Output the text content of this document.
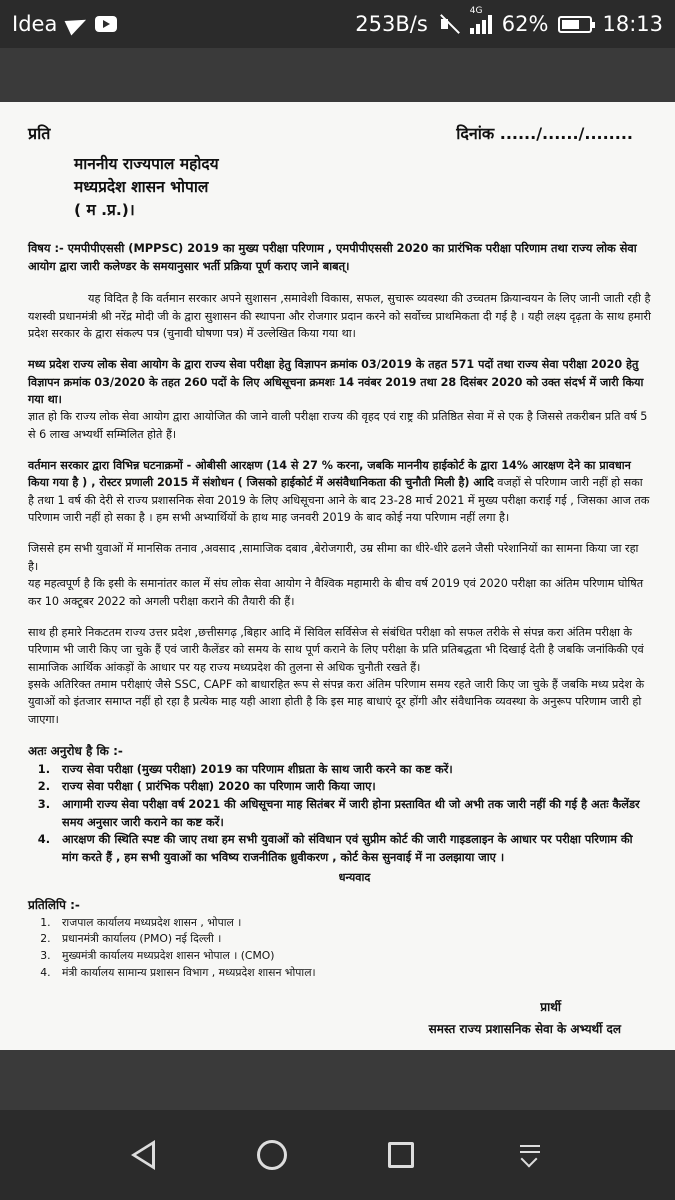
Idea	253B/s
4G
62%	18:13
प्रति	दिनांक ....../....../........
माननीय राज्यपाल महोदय
मध्यप्रदेश शासन भोपाल
( म .प्र.)।
विषय :- एमपीपीएससी (MPPSC) 2019 का मुख्य परीक्षा परिणाम , एमपीपीएससी 2020 का प्रारंभिक परीक्षा परिणाम तथा राज्य लोक सेवा आयोग द्वारा जारी कलेण्डर के समयानुसार भर्ती प्रक्रिया पूर्ण कराए जाने बाबत्।

यह विदित है कि वर्तमान सरकार अपने सुशासन ,समावेशी विकास, सफल, सुचारू व्यवस्था की उच्चतम क्रियान्वयन के लिए जानी जाती रही है यशस्वी प्रधानमंत्री श्री नरेंद्र मोदी जी के द्वारा सुशासन की स्थापना और रोजगार प्रदान करने को सर्वोच्च प्राथमिकता दी गई है । यही लक्ष्य दृढ़ता के साथ हमारी प्रदेश सरकार के द्वारा संकल्प पत्र (चुनावी घोषणा पत्र) में उल्लेखित किया गया था।

मध्य प्रदेश राज्य लोक सेवा आयोग के द्वारा राज्य सेवा परीक्षा हेतु विज्ञापन क्रमांक 03/2019 के तहत 571 पदों तथा राज्य सेवा परीक्षा 2020 हेतु विज्ञापन क्रमांक 03/2020 के तहत 260 पदों के लिए अधिसूचना क्रमशः 14 नवंबर 2019 तथा 28 दिसंबर 2020 को उक्त संदर्भ में जारी किया गया था।
ज्ञात हो कि राज्य लोक सेवा आयोग द्वारा आयोजित की जाने वाली परीक्षा राज्य की वृहद एवं राष्ट्र की प्रतिष्ठित सेवा में से एक है जिससे तकरीबन प्रति वर्ष 5 से 6 लाख अभ्यर्थी सम्मिलित होते हैं।

वर्तमान सरकार द्वारा विभिन्न घटनाक्रमों - ओबीसी आरक्षण (14 से 27 % करना, जबकि माननीय हाईकोर्ट के द्वारा 14% आरक्षण देने का प्रावधान किया गया है ) , रोस्टर प्रणाली 2015 में संशोधन ( जिसको हाईकोर्ट में असंवैधानिकता की चुनौती मिली है) आदि वजहों से परिणाम जारी नहीं हो सका है तथा 1 वर्ष की देरी से राज्य प्रशासनिक सेवा 2019 के लिए अधिसूचना आने के बाद 23-28 मार्च 2021 में मुख्य परीक्षा कराई गई , जिसका आज तक परिणाम जारी नहीं हो सका है । हम सभी अभ्यार्थियों के हाथ माह जनवरी 2019 के बाद कोई नया परिणाम नहीं लगा है।

जिससे हम सभी युवाओं में मानसिक तनाव ,अवसाद ,सामाजिक दबाव ,बेरोजगारी, उम्र सीमा का धीरे-धीरे ढलने जैसी परेशानियों का सामना किया जा रहा है।
यह महत्वपूर्ण है कि इसी के समानांतर काल में संघ लोक सेवा आयोग ने वैश्विक महामारी के बीच वर्ष 2019 एवं 2020 परीक्षा का अंतिम परिणाम घोषित कर 10 अक्टूबर 2022 को अगली परीक्षा कराने की तैयारी की हैं।

साथ ही हमारे निकटतम राज्य उत्तर प्रदेश ,छत्तीसगढ़ ,बिहार आदि में सिविल सर्विसेज से संबंधित परीक्षा को सफल तरीके से संपन्न करा अंतिम परीक्षा के परिणाम भी जारी किए जा चुके हैं एवं जारी कैलेंडर को समय के साथ पूर्ण कराने के लिए परीक्षा के प्रति प्रतिबद्धता भी दिखाई देती है जबकि जनांकिकी एवं सामाजिक आर्थिक आंकड़ों के आधार पर यह राज्य मध्यप्रदेश की तुलना से अधिक चुनौती रखते हैं।
इसके अतिरिक्त तमाम परीक्षाएं जैसे SSC, CAPF को बाधारहित रूप से संपन्न करा अंतिम परिणाम समय रहते जारी किए जा चुके हैं जबकि मध्य प्रदेश के युवाओं को इंतजार समाप्त नहीं हो रहा है प्रत्येक माह यही आशा होती है कि इस माह बाधाएं दूर होंगी और संवैधानिक व्यवस्था के अनुरूप परिणाम जारी हो जाएगा।

अतः अनुरोध है कि :-
1. राज्य सेवा परीक्षा (मुख्य परीक्षा) 2019 का परिणाम शीघ्रता के साथ जारी करने का कष्ट करें।
2. राज्य सेवा परीक्षा ( प्रारंभिक परीक्षा) 2020 का परिणाम जारी किया जाए।
3. आगामी राज्य सेवा परीक्षा वर्ष 2021 की अधिसूचना माह सितंबर में जारी होना प्रस्तावित थी जो अभी तक जारी नहीं की गई है अतः कैलेंडर समय अनुसार जारी कराने का कष्ट करें।
4. आरक्षण की स्थिति स्पष्ट की जाए तथा हम सभी युवाओं को संविधान एवं सुप्रीम कोर्ट की जारी गाइडलाइन के आधार पर परीक्षा परिणाम की मांग करते हैं , हम सभी युवाओं का भविष्य राजनीतिक ध्रुवीकरण , कोर्ट केस सुनवाई में ना उलझाया जाए ।
धन्यवाद
प्रतिलिपि :-
1. राजपाल कार्यालय मध्यप्रदेश शासन , भोपाल ।
2. प्रधानमंत्री कार्यालय (PMO) नई दिल्ली ।
3. मुख्यमंत्री कार्यालय मध्यप्रदेश शासन भोपाल । (CMO)
4. मंत्री कार्यालय सामान्य प्रशासन विभाग , मध्यप्रदेश शासन भोपाल।
प्रार्थी
समस्त राज्य प्रशासनिक सेवा के अभ्यर्थी दल
